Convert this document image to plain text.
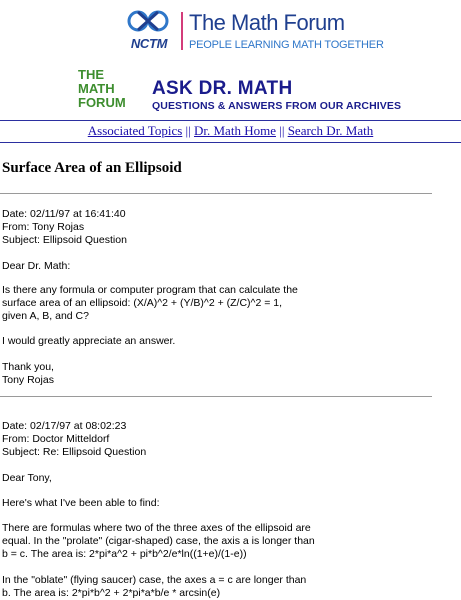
NCTM
The Math Forum
PEOPLE LEARNING MATH TOGETHER
THE
MATH
FORUM
ASK DR. MATH
QUESTIONS & ANSWERS FROM OUR ARCHIVES
Associated Topics || Dr. Math Home || Search Dr. Math
Surface Area of an Ellipsoid
Date: 02/11/97 at 16:41:40
From: Tony Rojas
Subject: Ellipsoid Question
Dear Dr. Math:
Is there any formula or computer program that can calculate the
surface area of an ellipsoid: (X/A)^2 + (Y/B)^2 + (Z/C)^2 = 1,
given A, B, and C?
I would greatly appreciate an answer.
Thank you,
Tony Rojas
Date: 02/17/97 at 08:02:23
From: Doctor Mitteldorf
Subject: Re: Ellipsoid Question
Dear Tony,
Here's what I've been able to find:
There are formulas where two of the three axes of the ellipsoid are
equal. In the "prolate" (cigar-shaped) case, the axis a is longer than
b = c. The area is: 2*pi*a^2 + pi*b^2/e*ln((1+e)/(1-e))
In the "oblate" (flying saucer) case, the axes a = c are longer than
b. The area is: 2*pi*b^2 + 2*pi*a*b/e * arcsin(e)
